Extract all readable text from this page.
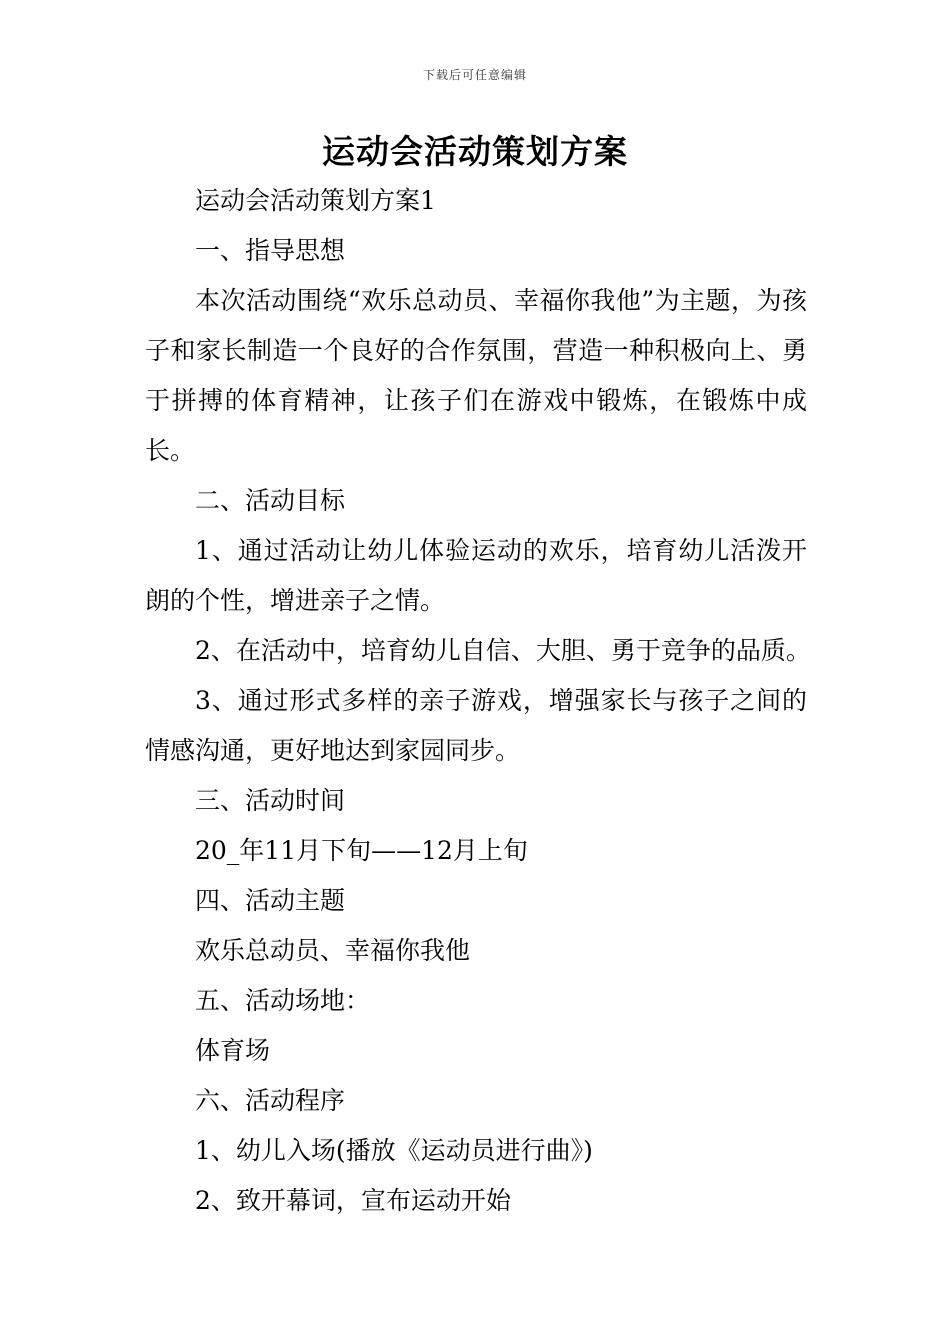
下载后可任意编辑
运动会活动策划方案

运动会活动策划方案1

一、指导思想

本次活动围绕“欢乐总动员、幸福你我他”为主题，为孩子和家长制造一个良好的合作氛围，营造一种积极向上、勇于拼搏的体育精神，让孩子们在游戏中锻炼，在锻炼中成长。

二、活动目标

1、通过活动让幼儿体验运动的欢乐，培育幼儿活泼开朗的个性，增进亲子之情。

2、在活动中，培育幼儿自信、大胆、勇于竞争的品质。

3、通过形式多样的亲子游戏，增强家长与孩子之间的情感沟通，更好地达到家园同步。

三、活动时间

20_年11月下旬——12月上旬

四、活动主题

欢乐总动员、幸福你我他

五、活动场地：

体育场

六、活动程序

1、幼儿入场(播放《运动员进行曲》)

2、致开幕词，宣布运动开始
